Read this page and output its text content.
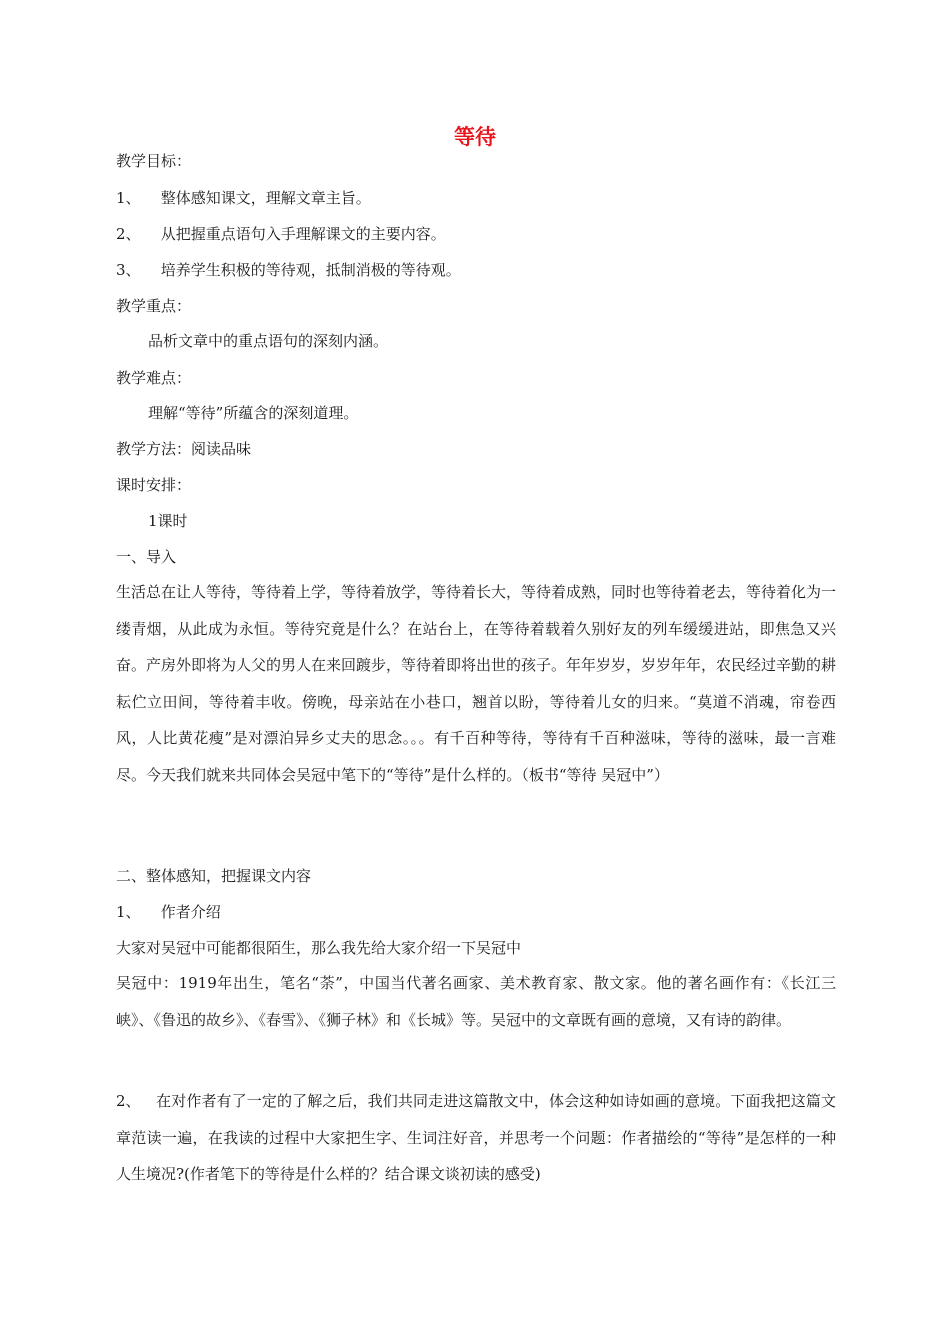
等待
教学目标：
1、 整体感知课文，理解文章主旨。
2、 从把握重点语句入手理解课文的主要内容。
3、 培养学生积极的等待观，抵制消极的等待观。
教学重点：
品析文章中的重点语句的深刻内涵。
教学难点：
理解“等待”所蕴含的深刻道理。
教学方法：阅读品味
课时安排：
1课时
一、导入
生活总在让人等待，等待着上学，等待着放学，等待着长大，等待着成熟，同时也等待着老去，等待着化为一缕青烟，从此成为永恒。等待究竟是什么？在站台上，在等待着载着久别好友的列车缓缓进站，即焦急又兴奋。产房外即将为人父的男人在来回踱步，等待着即将出世的孩子。年年岁岁，岁岁年年，农民经过辛勤的耕耘伫立田间，等待着丰收。傍晚，母亲站在小巷口，翘首以盼，等待着儿女的归来。“莫道不消魂，帘卷西风，人比黄花瘦”是对漂泊异乡丈夫的思念。。。有千百种等待，等待有千百种滋味，等待的滋味，最一言难尽。今天我们就来共同体会吴冠中笔下的“等待”是什么样的。（板书“等待 吴冠中”）
二、整体感知，把握课文内容
1、 作者介绍
大家对吴冠中可能都很陌生，那么我先给大家介绍一下吴冠中
吴冠中：1919年出生，笔名“荼”，中国当代著名画家、美术教育家、散文家。他的著名画作有：《长江三峡》、《鲁迅的故乡》、《春雪》、《狮子林》和《长城》等。吴冠中的文章既有画的意境，又有诗的韵律。
2、 在对作者有了一定的了解之后，我们共同走进这篇散文中，体会这种如诗如画的意境。下面我把这篇文章范读一遍，在我读的过程中大家把生字、生词注好音，并思考一个问题：作者描绘的“等待”是怎样的一种人生境况?(作者笔下的等待是什么样的？结合课文谈初读的感受)
